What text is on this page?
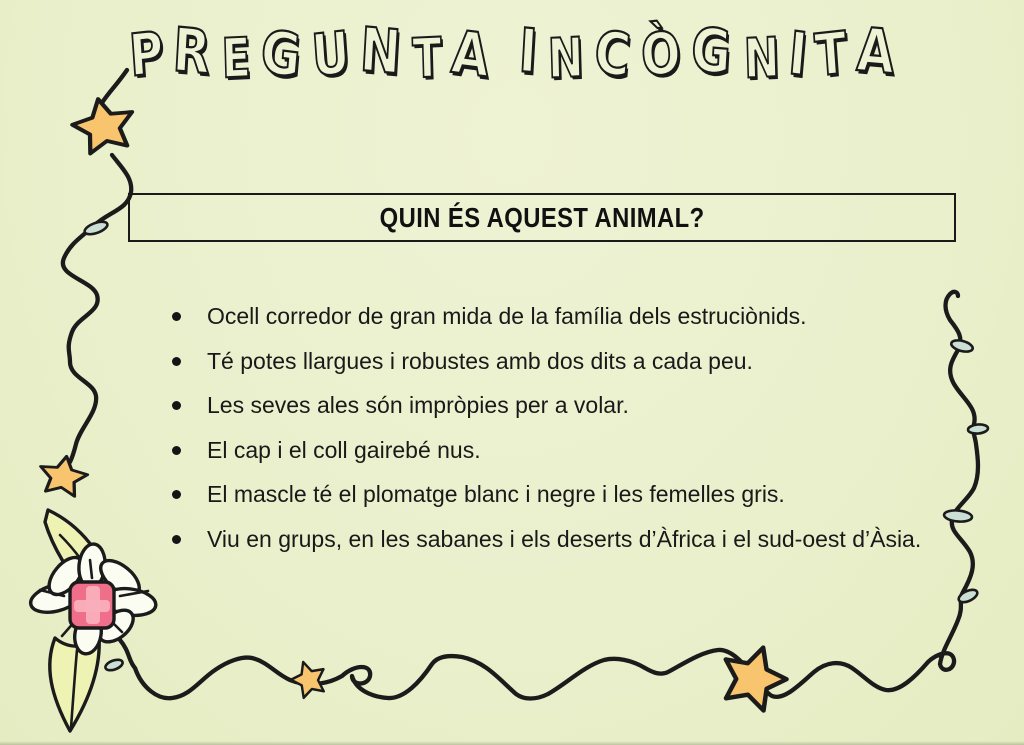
PR EGUN TA I N CÒG NITA
QUIN ÉS AQUEST ANIMAL?
Ocell corredor de gran mida de la família dels estruciònids.
Té potes llargues i robustes amb dos dits a cada peu.
Les seves ales són impròpies per a volar.
El cap i el coll gairebé nus.
El mascle té el plomatge blanc i negre i les femelles gris.
Viu en grups, en les sabanes i els deserts d’Àfrica i el sud-oest d’Àsia.
